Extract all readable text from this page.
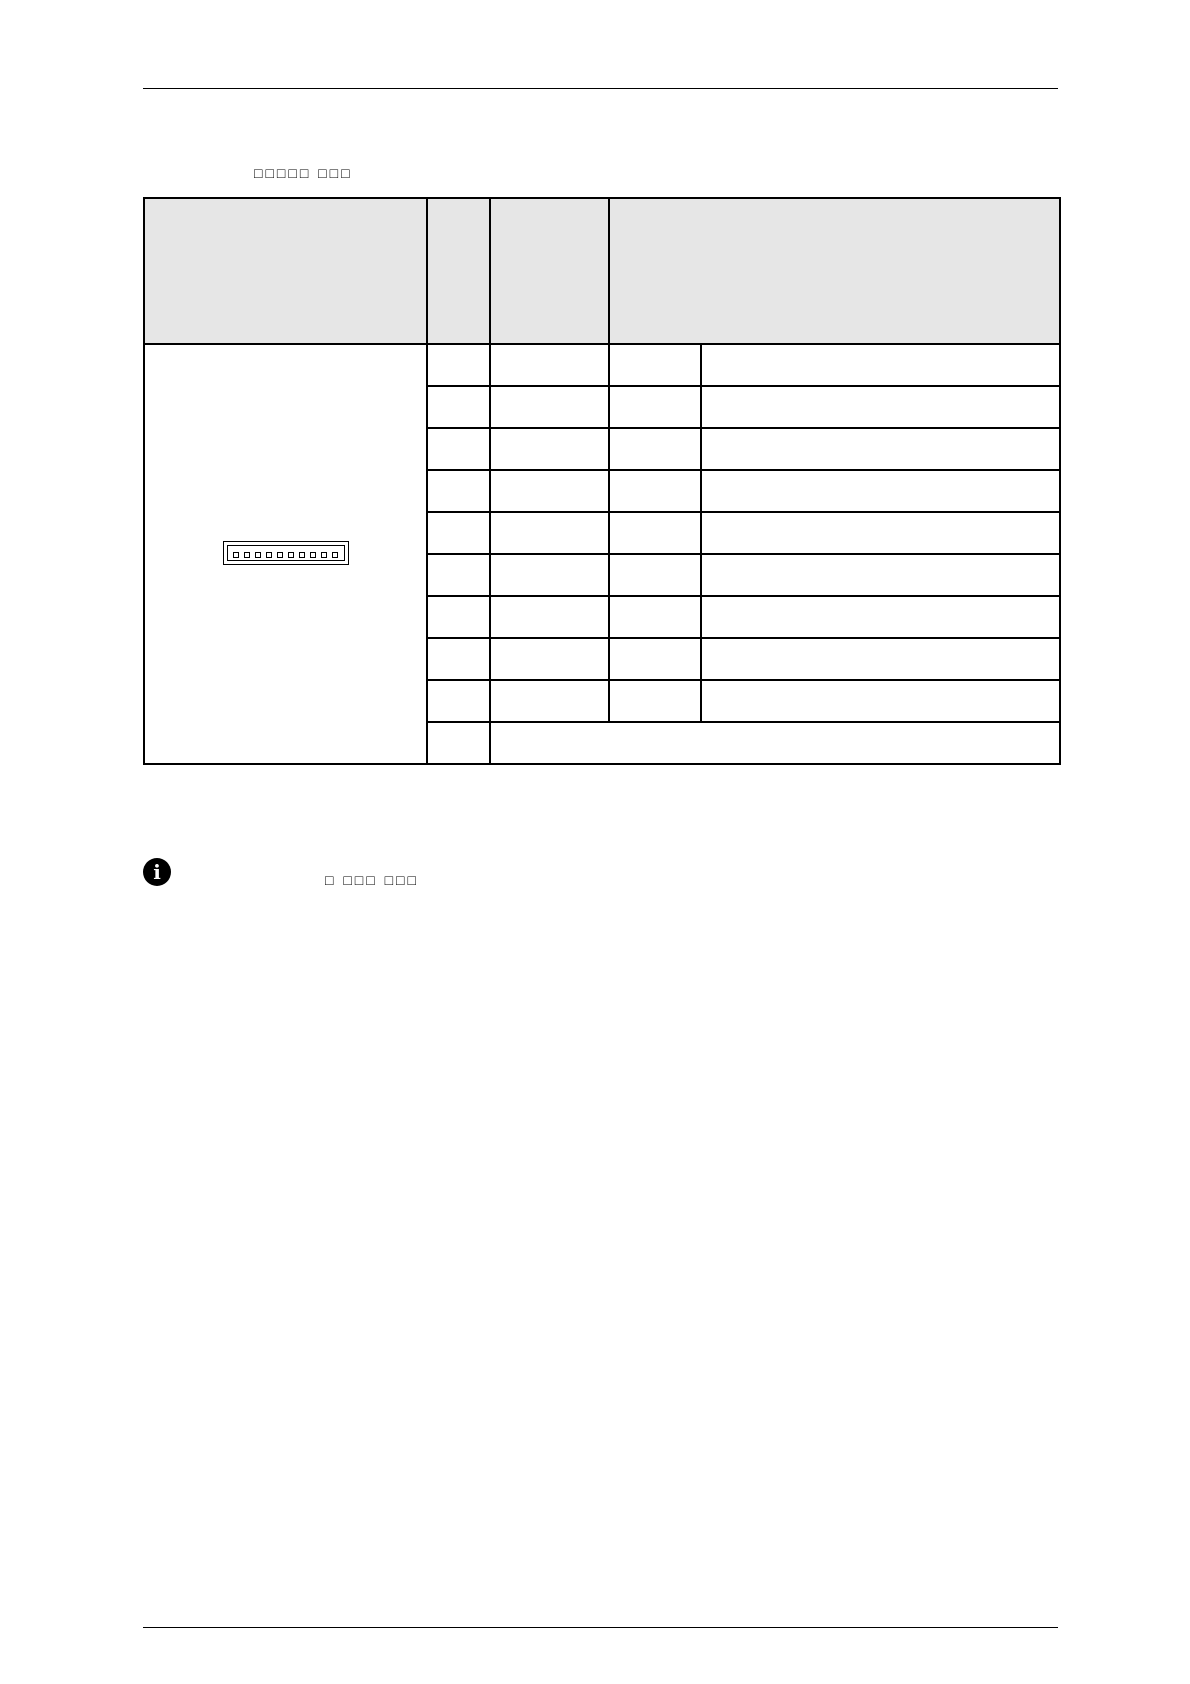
□□□□□ □□□

i	□ □□□ □□□
